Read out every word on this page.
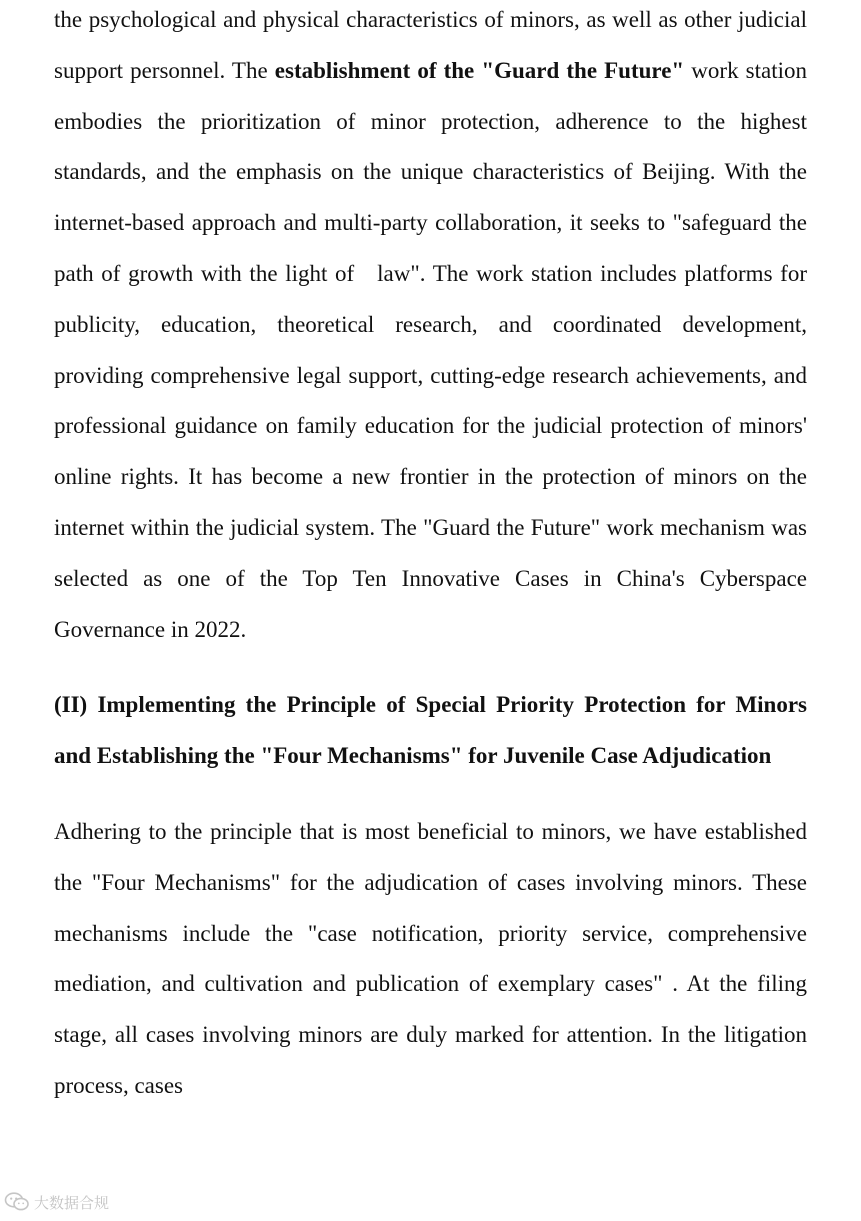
the psychological and physical characteristics of minors, as well as other judicial support personnel. The establishment of the "Guard the Future" work station embodies the prioritization of minor protection, adherence to the highest standards, and the emphasis on the unique characteristics of Beijing. With the internet-based approach and multi-party collaboration, it seeks to "safeguard the path of growth with the light of   law". The work station includes platforms for publicity, education, theoretical research, and coordinated development, providing comprehensive legal support, cutting-edge research achievements, and professional guidance on family education for the judicial protection of minors' online rights. It has become a new frontier in the protection of minors on the internet within the judicial system. The "Guard the Future" work mechanism was selected as one of the Top Ten Innovative Cases in China's Cyberspace Governance in 2022.

(II) Implementing the Principle of Special Priority Protection for Minors and Establishing the "Four Mechanisms" for Juvenile Case Adjudication

Adhering to the principle that is most beneficial to minors, we have established the "Four Mechanisms" for the adjudication of cases involving minors. These mechanisms include the "case notification, priority service, comprehensive mediation, and cultivation and publication of exemplary cases" . At the filing stage, all cases involving minors are duly marked for attention. In the litigation process, cases

大数据合规
